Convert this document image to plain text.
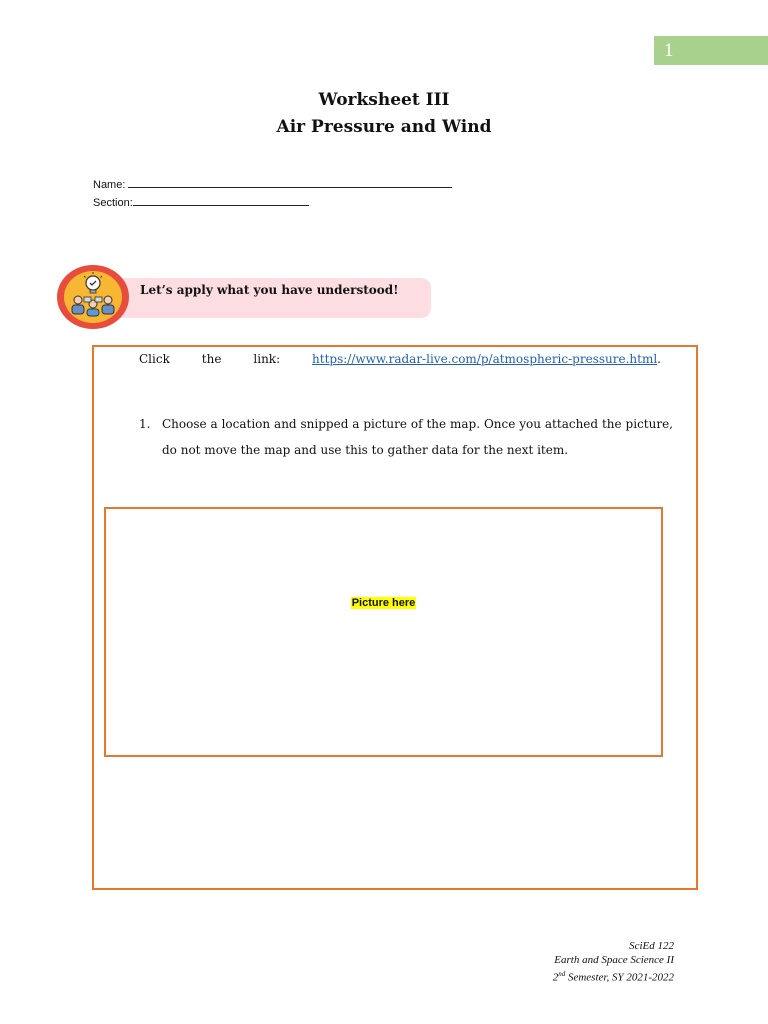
1
Worksheet III
Air Pressure and Wind
Name:
Section:
Let’s apply what you have understood!
Click	the	link:	https://www.radar-live.com/p/atmospheric-pressure.html.
1. Choose a location and snipped a picture of the map. Once you attached the picture, do not move the map and use this to gather data for the next item.
Picture here
SciEd 122
Earth and Space Science II
2nd Semester, SY 2021-2022
